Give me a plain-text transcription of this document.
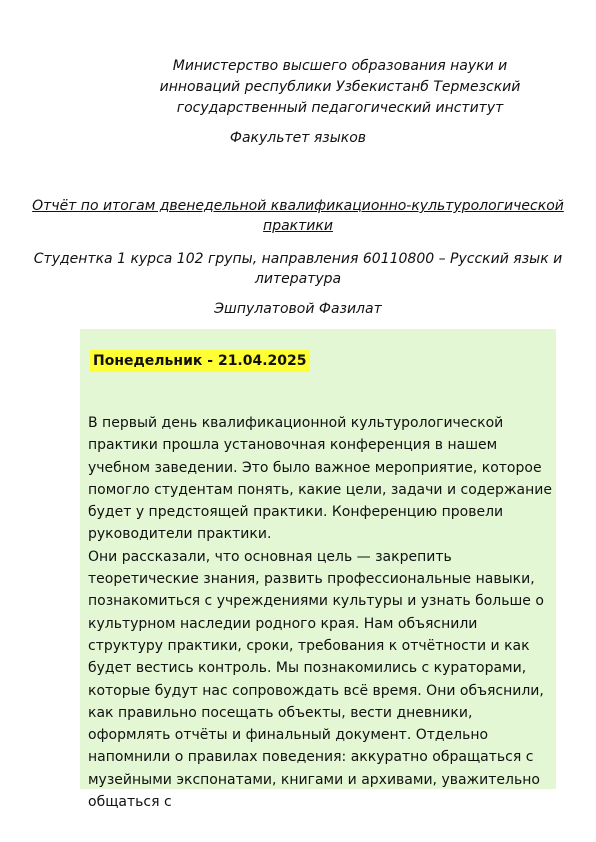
Министерство высшего образования науки и инноваций республики Узбекистанб Термезский государственный педагогический институт
Факультет языков
Отчёт по итогам двенедельной квалификационно-культурологической практики
Студентка 1 курса 102 групы, направления 60110800 – Русский язык и литература
Эшпулатовой Фазилат
Понедельник - 21.04.2025

В первый день квалификационной культурологической практики прошла установочная конференция в нашем учебном заведении. Это было важное мероприятие, которое помогло студентам понять, какие цели, задачи и содержание будет у предстоящей практики. Конференцию провели руководители практики.

Они рассказали, что основная цель — закрепить теоретические знания, развить профессиональные навыки, познакомиться с учреждениями культуры и узнать больше о культурном наследии родного края. Нам объяснили структуру практики, сроки, требования к отчётности и как будет вестись контроль. Мы познакомились с кураторами, которые будут нас сопровождать всё время. Они объяснили, как правильно посещать объекты, вести дневники, оформлять отчёты и финальный документ. Отдельно напомнили о правилах поведения: аккуратно обращаться с музейными экспонатами, книгами и архивами, уважительно общаться с
